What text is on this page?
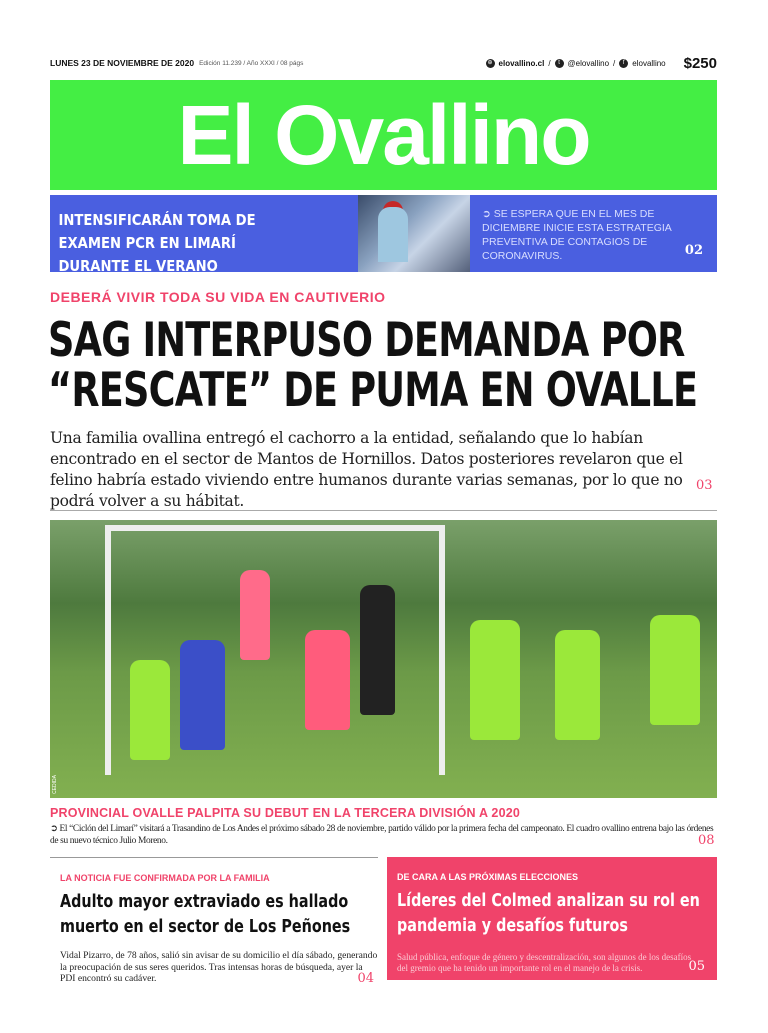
LUNES 23 DE NOVIEMBRE DE 2020 Edición 11.239 / Año XXXI / 08 págs	⊕ elovallino.cl /	t @elovallino /	f elovallino $250
El Ovallino
INTENSIFICARÁN TOMA DE EXAMEN PCR EN LIMARÍ DURANTE EL VERANO
➲ SE ESPERA QUE EN EL MES DE DICIEMBRE INICIE ESTA ESTRATEGIA PREVENTIVA DE CONTAGIOS DE CORONAVIRUS.	02
DEBERÁ VIVIR TODA SU VIDA EN CAUTIVERIO
SAG INTERPUSO DEMANDA POR “RESCATE” DE PUMA EN OVALLE
Una familia ovallina entregó el cachorro a la entidad, señalando que lo habían encontrado en el sector de Mantos de Hornillos. Datos posteriores revelaron que el felino habría estado viviendo entre humanos durante varias semanas, por lo que no podrá volver a su hábitat.
03
CEDIDA
PROVINCIAL OVALLE PALPITA SU DEBUT EN LA TERCERA DIVISIÓN A 2020
➲ El “Ciclón del Limarí” visitará a Trasandino de Los Andes el próximo sábado 28 de noviembre, partido válido por la primera fecha del campeonato. El cuadro ovallino entrena bajo las órdenes de su nuevo técnico Julio Moreno.	08
LA NOTICIA FUE CONFIRMADA POR LA FAMILIA
Adulto mayor extraviado es hallado muerto en el sector de Los Peñones
Vidal Pizarro, de 78 años, salió sin avisar de su domicilio el día sábado, generando la preocupación de sus seres queridos. Tras intensas horas de búsqueda, ayer la PDI encontró su cadáver.	04
DE CARA A LAS PRÓXIMAS ELECCIONES
Líderes del Colmed analizan su rol en pandemia y desafíos futuros
Salud pública, enfoque de género y descentralización, son algunos de los desafíos del gremio que ha tenido un importante rol en el manejo de la crisis.	05
